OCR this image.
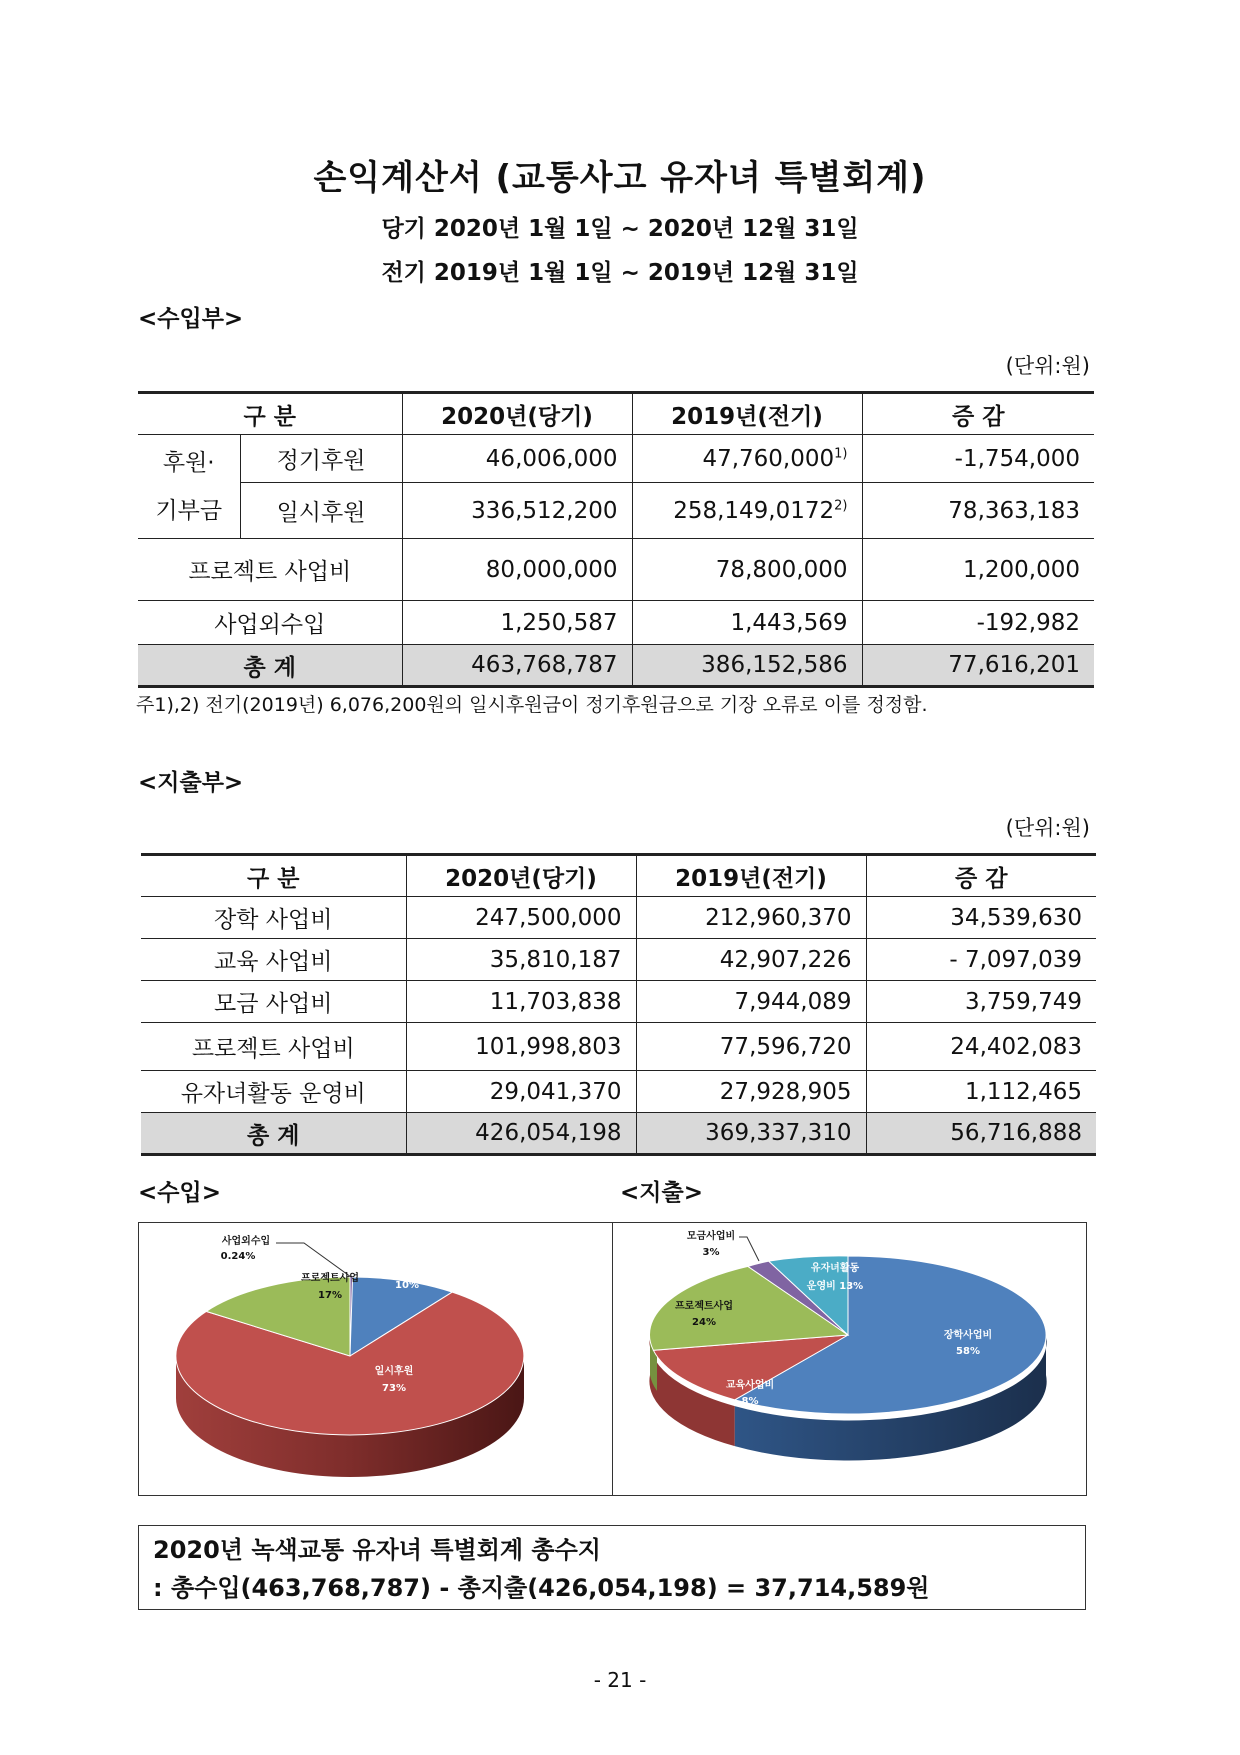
손익계산서 (교통사고 유자녀 특별회계)
당기 2020년 1월 1일 ~ 2020년 12월 31일
전기 2019년 1월 1일 ~ 2019년 12월 31일
<수입부>
(단위:원)
구 분		2020년(당기)	2019년(전기)	증 감
후원·
기부금	정기후원	46,006,000	47,760,000$^{1)}$	-1,754,000
	일시후원	336,512,200	258,149,0172$^{2)}$	78,363,183
프로젝트 사업비		80,000,000	78,800,000	1,200,000
사업외수입		1,250,587	1,443,569	-192,982
총 계		463,768,787	386,152,586	77,616,201
주1),2) 전기(2019년) 6,076,200원의 일시후원금이 정기후원금으로 기장 오류로 이를 정정함.
<지출부>
(단위:원)
구 분	2020년(당기)	2019년(전기)	증 감
장학 사업비	247,500,000	212,960,370	34,539,630
교육 사업비	35,810,187	42,907,226	- 7,097,039
모금 사업비	11,703,838	7,944,089	3,759,749
프로젝트 사업비	101,998,803	77,596,720	24,402,083
유자녀활동 운영비	29,041,370	27,928,905	1,112,465
총 계	426,054,198	369,337,310	56,716,888
<수입>	<지출>
사업외수입
0.24%
정기후원
10%
프로젝트사업
17%
일시후원
73%
모금사업비
3%
유자녀활동
운영비 13%
프로젝트사업
24%
장학사업비
58%
교육사업비
8%
2020년 녹색교통 유자녀 특별회계 총수지
: 총수입(463,768,787) - 총지출(426,054,198) = 37,714,589원
- 21 -
